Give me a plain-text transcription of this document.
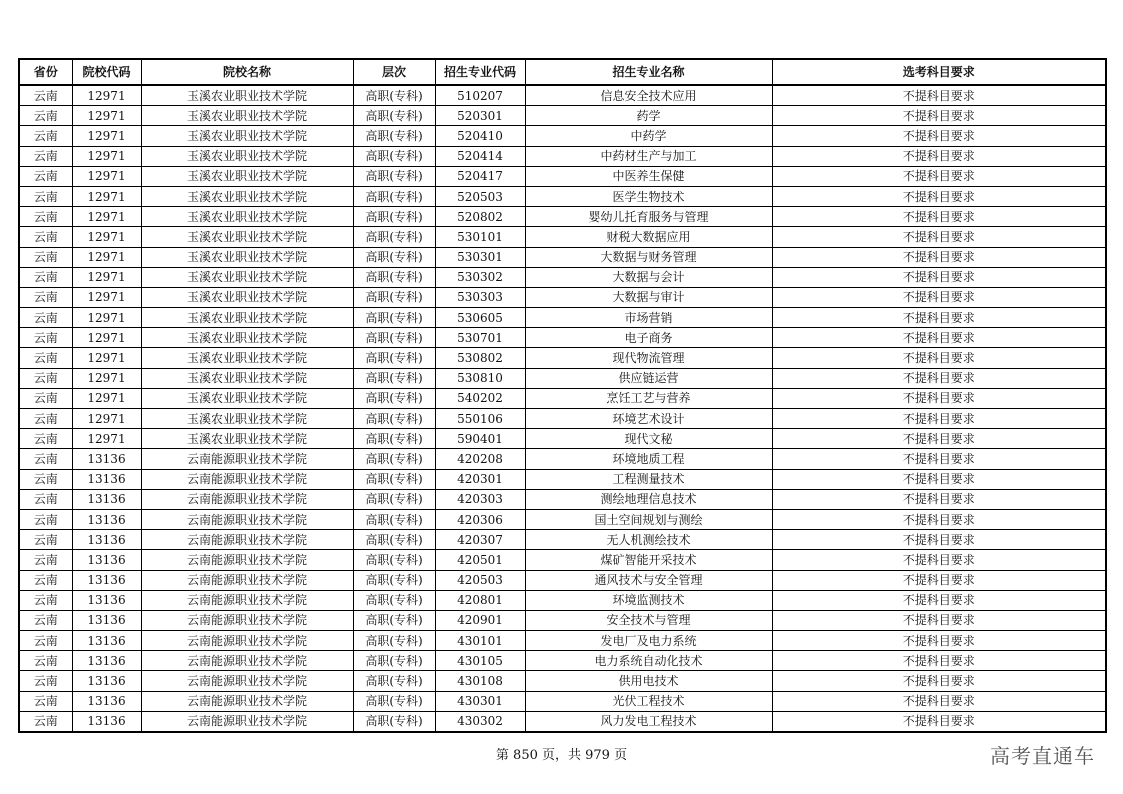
省份	院校代码	院校名称	层次	招生专业代码	招生专业名称	选考科目要求
云南	12971	玉溪农业职业技术学院	高职(专科)	510207	信息安全技术应用	不提科目要求
云南	12971	玉溪农业职业技术学院	高职(专科)	520301	药学	不提科目要求
云南	12971	玉溪农业职业技术学院	高职(专科)	520410	中药学	不提科目要求
云南	12971	玉溪农业职业技术学院	高职(专科)	520414	中药材生产与加工	不提科目要求
云南	12971	玉溪农业职业技术学院	高职(专科)	520417	中医养生保健	不提科目要求
云南	12971	玉溪农业职业技术学院	高职(专科)	520503	医学生物技术	不提科目要求
云南	12971	玉溪农业职业技术学院	高职(专科)	520802	婴幼儿托育服务与管理	不提科目要求
云南	12971	玉溪农业职业技术学院	高职(专科)	530101	财税大数据应用	不提科目要求
云南	12971	玉溪农业职业技术学院	高职(专科)	530301	大数据与财务管理	不提科目要求
云南	12971	玉溪农业职业技术学院	高职(专科)	530302	大数据与会计	不提科目要求
云南	12971	玉溪农业职业技术学院	高职(专科)	530303	大数据与审计	不提科目要求
云南	12971	玉溪农业职业技术学院	高职(专科)	530605	市场营销	不提科目要求
云南	12971	玉溪农业职业技术学院	高职(专科)	530701	电子商务	不提科目要求
云南	12971	玉溪农业职业技术学院	高职(专科)	530802	现代物流管理	不提科目要求
云南	12971	玉溪农业职业技术学院	高职(专科)	530810	供应链运营	不提科目要求
云南	12971	玉溪农业职业技术学院	高职(专科)	540202	烹饪工艺与营养	不提科目要求
云南	12971	玉溪农业职业技术学院	高职(专科)	550106	环境艺术设计	不提科目要求
云南	12971	玉溪农业职业技术学院	高职(专科)	590401	现代文秘	不提科目要求
云南	13136	云南能源职业技术学院	高职(专科)	420208	环境地质工程	不提科目要求
云南	13136	云南能源职业技术学院	高职(专科)	420301	工程测量技术	不提科目要求
云南	13136	云南能源职业技术学院	高职(专科)	420303	测绘地理信息技术	不提科目要求
云南	13136	云南能源职业技术学院	高职(专科)	420306	国土空间规划与测绘	不提科目要求
云南	13136	云南能源职业技术学院	高职(专科)	420307	无人机测绘技术	不提科目要求
云南	13136	云南能源职业技术学院	高职(专科)	420501	煤矿智能开采技术	不提科目要求
云南	13136	云南能源职业技术学院	高职(专科)	420503	通风技术与安全管理	不提科目要求
云南	13136	云南能源职业技术学院	高职(专科)	420801	环境监测技术	不提科目要求
云南	13136	云南能源职业技术学院	高职(专科)	420901	安全技术与管理	不提科目要求
云南	13136	云南能源职业技术学院	高职(专科)	430101	发电厂及电力系统	不提科目要求
云南	13136	云南能源职业技术学院	高职(专科)	430105	电力系统自动化技术	不提科目要求
云南	13136	云南能源职业技术学院	高职(专科)	430108	供用电技术	不提科目要求
云南	13136	云南能源职业技术学院	高职(专科)	430301	光伏工程技术	不提科目要求
云南	13136	云南能源职业技术学院	高职(专科)	430302	风力发电工程技术	不提科目要求
第 850 页，共 979 页	高考直通车
